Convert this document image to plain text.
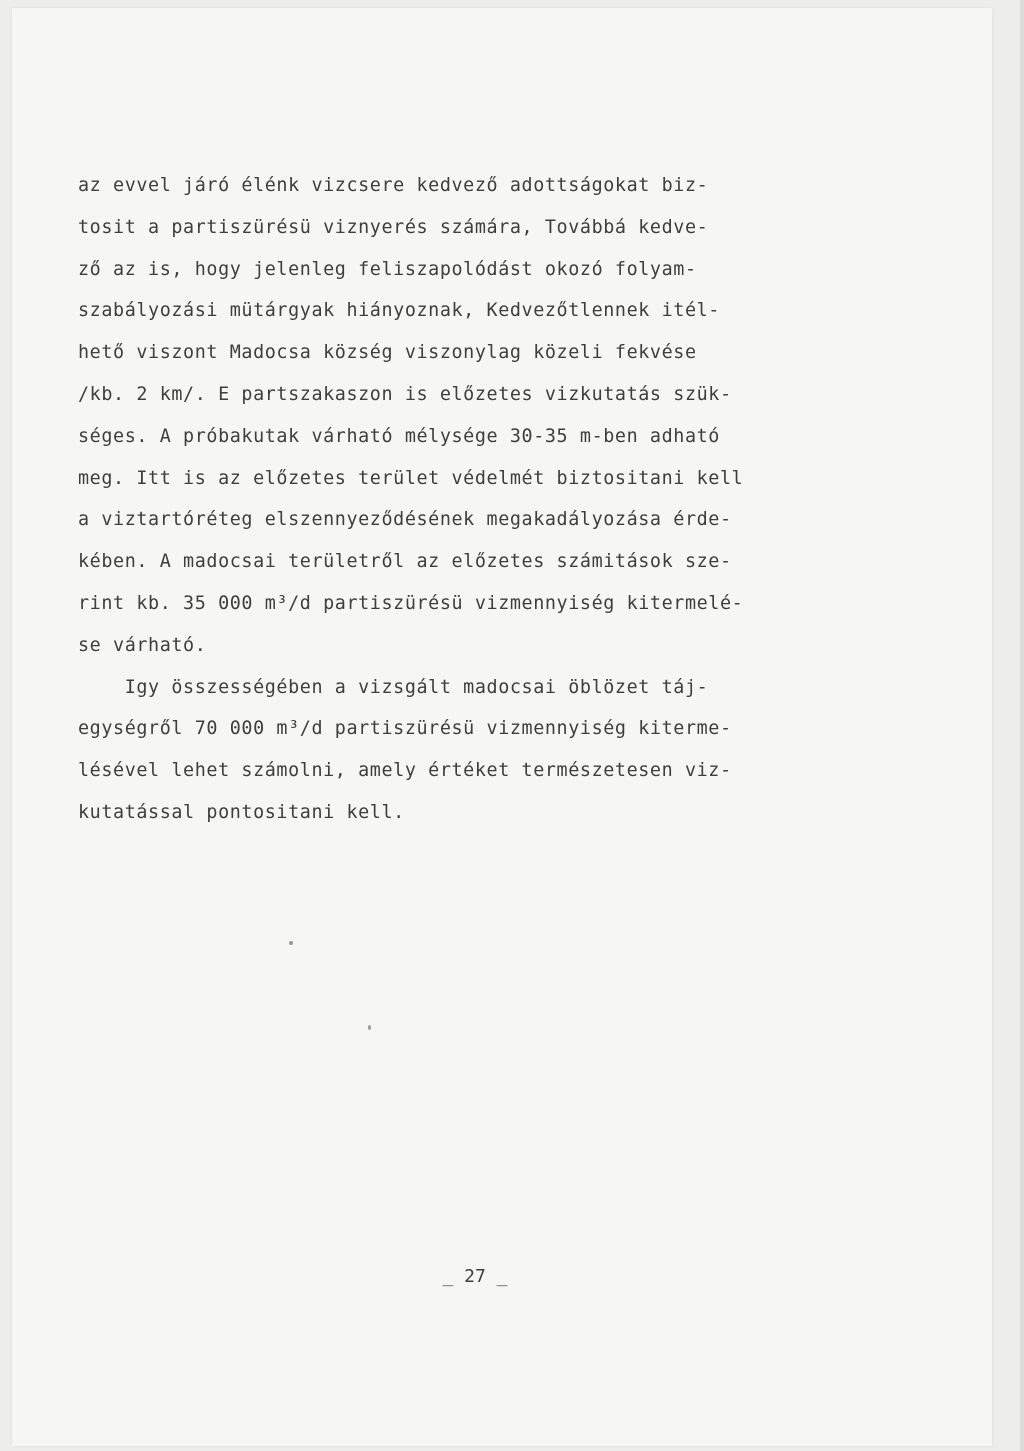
az evvel járó élénk vizcsere kedvező adottságokat biz-
tosit a partiszürésü viznyerés számára, Továbbá kedve-
ző az is, hogy jelenleg feliszapolódást okozó folyam-
szabályozási mütárgyak hiányoznak, Kedvezőtlennek itél-
hető viszont Madocsa község viszonylag közeli fekvése
/kb. 2 km/. E partszakaszon is előzetes vizkutatás szük-
séges. A próbakutak várható mélysége 30-35 m-ben adható
meg. Itt is az előzetes terület védelmét biztositani kell
a viztartóréteg elszennyeződésének megakadályozása érde-
kében. A madocsai területről az előzetes számitások sze-
rint kb. 35 000 m³/d partiszürésü vizmennyiség kitermelé-
se várható.
Igy összességében a vizsgált madocsai öblözet táj-
egységről 70 000 m³/d partiszürésü vizmennyiség kiterme-
lésével lehet számolni, amely értéket természetesen viz-
kutatással pontositani kell.
_ 27 _
